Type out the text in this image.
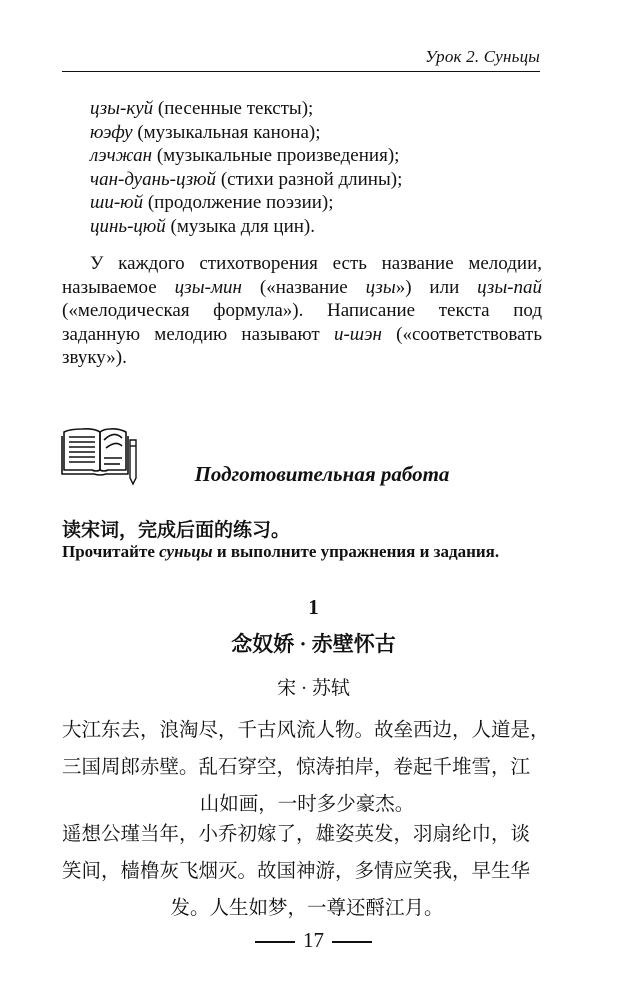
Урок 2. Суньцы
цзы-куй (песенные тексты);
юэфу (музыкальная канона);
лэчжан (музыкальные произведения);
чан-дуань-цзюй (стихи разной длины);
ши-юй (продолжение поэзии);
цинь-цюй (музыка для цин).
У каждого стихотворения есть название мелодии, называемое цзы-мин («название цзы») или цзы-пай («мелодическая формула»). Написание текста под заданную мелодию называют и-шэн («соответствовать звуку»).
Подготовительная работа
读宋词，完成后面的练习。
Прочитайте суньцы и выполните упражнения и задания.
1
念奴娇 · 赤壁怀古
宋 · 苏轼
大江东去，浪淘尽，千古风流人物。故垒西边，人道是，
三国周郎赤壁。乱石穿空，惊涛拍岸，卷起千堆雪，江
山如画，一时多少豪杰。
遥想公瑾当年，小乔初嫁了，雄姿英发，羽扇纶巾，谈
笑间，樯橹灰飞烟灭。故国神游，多情应笑我，早生华
发。人生如梦，一尊还酹江月。
17
